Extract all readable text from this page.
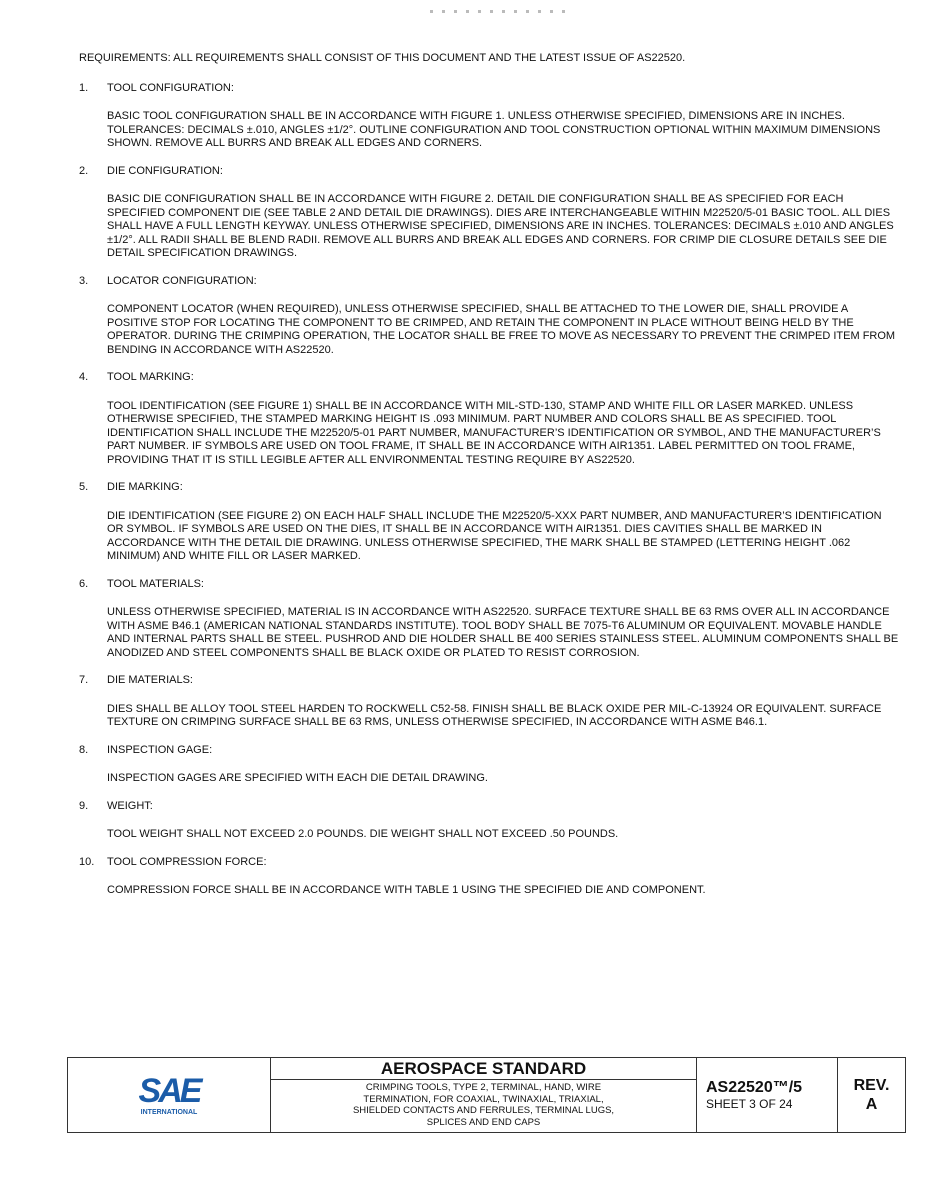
REQUIREMENTS: ALL REQUIREMENTS SHALL CONSIST OF THIS DOCUMENT AND THE LATEST ISSUE OF AS22520.

1.	TOOL CONFIGURATION:
BASIC TOOL CONFIGURATION SHALL BE IN ACCORDANCE WITH FIGURE 1. UNLESS OTHERWISE SPECIFIED, DIMENSIONS ARE IN INCHES. TOLERANCES: DECIMALS ±.010, ANGLES ±1/2°. OUTLINE CONFIGURATION AND TOOL CONSTRUCTION OPTIONAL WITHIN MAXIMUM DIMENSIONS SHOWN. REMOVE ALL BURRS AND BREAK ALL EDGES AND CORNERS.
2.	DIE CONFIGURATION:
BASIC DIE CONFIGURATION SHALL BE IN ACCORDANCE WITH FIGURE 2. DETAIL DIE CONFIGURATION SHALL BE AS SPECIFIED FOR EACH SPECIFIED COMPONENT DIE (SEE TABLE 2 AND DETAIL DIE DRAWINGS). DIES ARE INTERCHANGEABLE WITHIN M22520/5-01 BASIC TOOL. ALL DIES SHALL HAVE A FULL LENGTH KEYWAY. UNLESS OTHERWISE SPECIFIED, DIMENSIONS ARE IN INCHES. TOLERANCES: DECIMALS ±.010 AND ANGLES ±1/2°. ALL RADII SHALL BE BLEND RADII. REMOVE ALL BURRS AND BREAK ALL EDGES AND CORNERS. FOR CRIMP DIE CLOSURE DETAILS SEE DIE DETAIL SPECIFICATION DRAWINGS.
3.	LOCATOR CONFIGURATION:
COMPONENT LOCATOR (WHEN REQUIRED), UNLESS OTHERWISE SPECIFIED, SHALL BE ATTACHED TO THE LOWER DIE, SHALL PROVIDE A POSITIVE STOP FOR LOCATING THE COMPONENT TO BE CRIMPED, AND RETAIN THE COMPONENT IN PLACE WITHOUT BEING HELD BY THE OPERATOR. DURING THE CRIMPING OPERATION, THE LOCATOR SHALL BE FREE TO MOVE AS NECESSARY TO PREVENT THE CRIMPED ITEM FROM BENDING IN ACCORDANCE WITH AS22520.
4.	TOOL MARKING:
TOOL IDENTIFICATION (SEE FIGURE 1) SHALL BE IN ACCORDANCE WITH MIL-STD-130, STAMP AND WHITE FILL OR LASER MARKED. UNLESS OTHERWISE SPECIFIED, THE STAMPED MARKING HEIGHT IS .093 MINIMUM. PART NUMBER AND COLORS SHALL BE AS SPECIFIED. TOOL IDENTIFICATION SHALL INCLUDE THE M22520/5-01 PART NUMBER, MANUFACTURER’S IDENTIFICATION OR SYMBOL, AND THE MANUFACTURER’S PART NUMBER. IF SYMBOLS ARE USED ON TOOL FRAME, IT SHALL BE IN ACCORDANCE WITH AIR1351. LABEL PERMITTED ON TOOL FRAME, PROVIDING THAT IT IS STILL LEGIBLE AFTER ALL ENVIRONMENTAL TESTING REQUIRE BY AS22520.
5.	DIE MARKING:
DIE IDENTIFICATION (SEE FIGURE 2) ON EACH HALF SHALL INCLUDE THE M22520/5-XXX PART NUMBER, AND MANUFACTURER’S IDENTIFICATION OR SYMBOL. IF SYMBOLS ARE USED ON THE DIES, IT SHALL BE IN ACCORDANCE WITH AIR1351. DIES CAVITIES SHALL BE MARKED IN ACCORDANCE WITH THE DETAIL DIE DRAWING. UNLESS OTHERWISE SPECIFIED, THE MARK SHALL BE STAMPED (LETTERING HEIGHT .062 MINIMUM) AND WHITE FILL OR LASER MARKED.
6.	TOOL MATERIALS:
UNLESS OTHERWISE SPECIFIED, MATERIAL IS IN ACCORDANCE WITH AS22520. SURFACE TEXTURE SHALL BE 63 RMS OVER ALL IN ACCORDANCE WITH ASME B46.1 (AMERICAN NATIONAL STANDARDS INSTITUTE). TOOL BODY SHALL BE 7075-T6 ALUMINUM OR EQUIVALENT. MOVABLE HANDLE AND INTERNAL PARTS SHALL BE STEEL. PUSHROD AND DIE HOLDER SHALL BE 400 SERIES STAINLESS STEEL. ALUMINUM COMPONENTS SHALL BE ANODIZED AND STEEL COMPONENTS SHALL BE BLACK OXIDE OR PLATED TO RESIST CORROSION.
7.	DIE MATERIALS:
DIES SHALL BE ALLOY TOOL STEEL HARDEN TO ROCKWELL C52-58. FINISH SHALL BE BLACK OXIDE PER MIL-C-13924 OR EQUIVALENT. SURFACE TEXTURE ON CRIMPING SURFACE SHALL BE 63 RMS, UNLESS OTHERWISE SPECIFIED, IN ACCORDANCE WITH ASME B46.1.
8.	INSPECTION GAGE:
INSPECTION GAGES ARE SPECIFIED WITH EACH DIE DETAIL DRAWING.
9.	WEIGHT:
TOOL WEIGHT SHALL NOT EXCEED 2.0 POUNDS. DIE WEIGHT SHALL NOT EXCEED .50 POUNDS.
10.	TOOL COMPRESSION FORCE:
COMPRESSION FORCE SHALL BE IN ACCORDANCE WITH TABLE 1 USING THE SPECIFIED DIE AND COMPONENT.
SAE
INTERNATIONAL
AEROSPACE STANDARD
CRIMPING TOOLS, TYPE 2, TERMINAL, HAND, WIRE
TERMINATION, FOR COAXIAL, TWINAXIAL, TRIAXIAL,
SHIELDED CONTACTS AND FERRULES, TERMINAL LUGS,
SPLICES AND END CAPS
AS22520™/5
SHEET 3 OF 24
REV.
A
